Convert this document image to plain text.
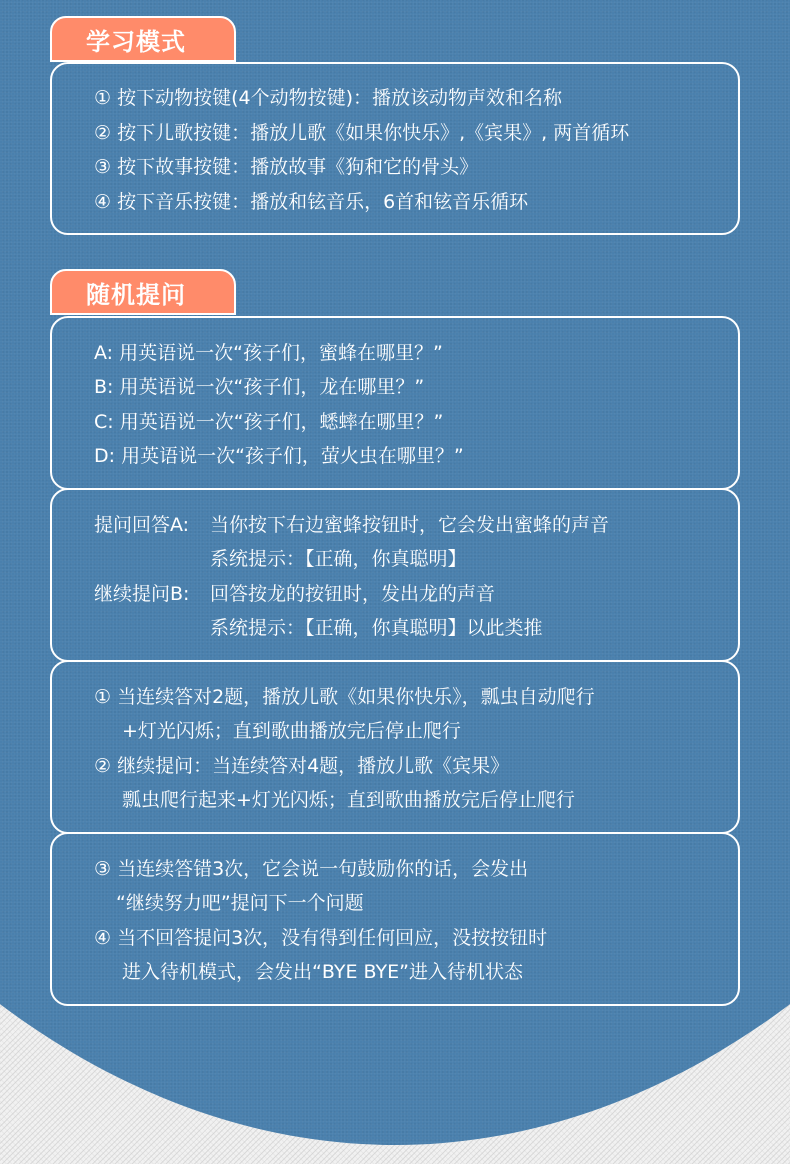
学习模式
① 按下动物按键(4个动物按键)：播放该动物声效和名称
② 按下儿歌按键：播放儿歌《如果你快乐》,《宾果》, 两首循环
③ 按下故事按键：播放故事《狗和它的骨头》
④ 按下音乐按键：播放和铉音乐，6首和铉音乐循环
随机提问
A: 用英语说一次“孩子们，蜜蜂在哪里？”
B: 用英语说一次“孩子们，龙在哪里？”
C: 用英语说一次“孩子们，蟋蟀在哪里？”
D: 用英语说一次“孩子们，萤火虫在哪里？”
提问回答A: 当你按下右边蜜蜂按钮时，它会发出蜜蜂的声音
系统提示：【正确，你真聪明】
继续提问B: 回答按龙的按钮时，发出龙的声音
系统提示：【正确，你真聪明】以此类推
① 当连续答对2题，播放儿歌《如果你快乐》，瓢虫自动爬行
+灯光闪烁；直到歌曲播放完后停止爬行
② 继续提问：当连续答对4题，播放儿歌《宾果》
瓢虫爬行起来+灯光闪烁；直到歌曲播放完后停止爬行
③ 当连续答错3次，它会说一句鼓励你的话，会发出
“继续努力吧”提问下一个问题
④ 当不回答提问3次，没有得到任何回应，没按按钮时
进入待机模式，会发出“BYE BYE”进入待机状态
